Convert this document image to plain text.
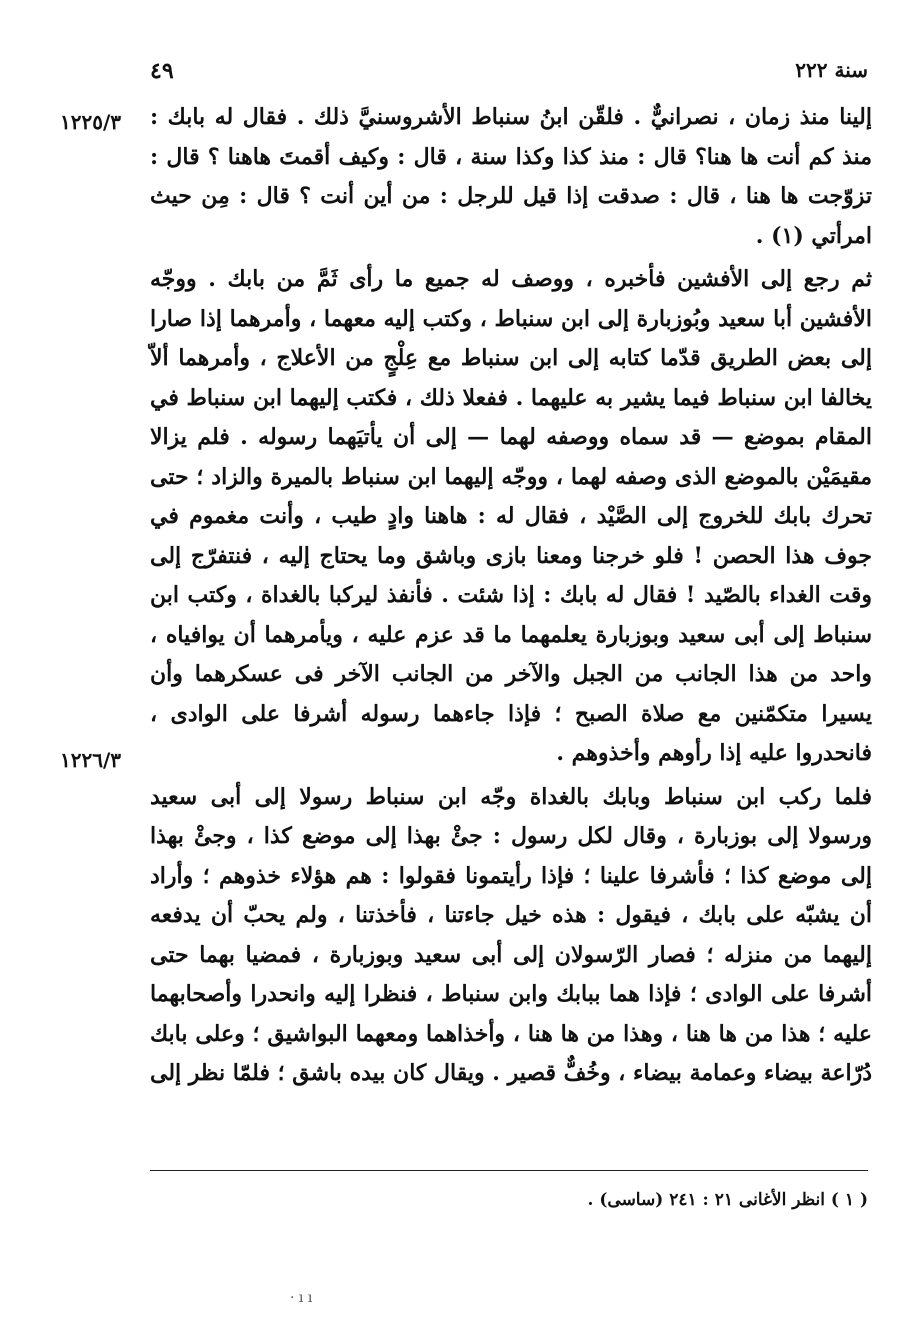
سنة ٢٢٢
٤٩
١٢٢٥/٣
١٢٢٦/٣

إلينا منذ زمان ، نصرانيٌّ . فلقّن ابنُ سنباط الأشروسنيَّ ذلك . فقال له بابك : منذ كم أنت ها هنا؟ قال : منذ كذا وكذا سنة ، قال : وكيف أقمتَ هاهنا ؟ قال : تزوّجت ها هنا ، قال : صدقت إذا قيل للرجل : من أين أنت ؟ قال : مِن حيث امرأتي (١) .

ثم رجع إلى الأفشين فأخبره ، ووصف له جميع ما رأى ثَمَّ من بابك . ووجّه الأفشين أبا سعيد وبُوزبارة إلى ابن سنباط ، وكتب إليه معهما ، وأمرهما إذا صارا إلى بعض الطريق قدّما كتابه إلى ابن سنباط مع عِلْجٍ من الأعلاج ، وأمرهما ألاّ يخالفا ابن سنباط فيما يشير به عليهما . ففعلا ذلك ، فكتب إليهما ابن سنباط في المقام بموضع — قد سماه ووصفه لهما — إلى أن يأتيَهما رسوله . فلم يزالا مقيمَيْن بالموضع الذى وصفه لهما ، ووجّه إليهما ابن سنباط بالميرة والزاد ؛ حتى تحرك بابك للخروج إلى الصَّيْد ، فقال له : هاهنا وادٍ طيب ، وأنت مغموم في جوف هذا الحصن ! فلو خرجنا ومعنا بازى وباشق وما يحتاج إليه ، فنتفرّج إلى وقت الغداء بالصّيد ! فقال له بابك : إذا شئت . فأنفذ ليركبا بالغداة ، وكتب ابن سنباط إلى أبى سعيد وبوزبارة يعلمهما ما قد عزم عليه ، ويأمرهما أن يوافياه ، واحد من هذا الجانب من الجبل والآخر من الجانب الآخر فى عسكرهما وأن يسيرا متكمّنين مع صلاة الصبح ؛ فإذا جاءهما رسوله أشرفا على الوادى ، فانحدروا عليه إذا رأوهم وأخذوهم .

فلما ركب ابن سنباط وبابك بالغداة وجّه ابن سنباط رسولا إلى أبى سعيد ورسولا إلى بوزبارة ، وقال لكل رسول : جئْ بهذا إلى موضع كذا ، وجئْ بهذا إلى موضع كذا ؛ فأشرفا علينا ؛ فإذا رأيتمونا فقولوا : هم هؤلاء خذوهم ؛ وأراد أن يشبّه على بابك ، فيقول : هذه خيل جاءتنا ، فأخذتنا ، ولم يحبّ أن يدفعه إليهما من منزله ؛ فصار الرّسولان إلى أبى سعيد وبوزبارة ، فمضيا بهما حتى أشرفا على الوادى ؛ فإذا هما ببابك وابن سنباط ، فنظرا إليه وانحدرا وأصحابهما عليه ؛ هذا من ها هنا ، وهذا من ها هنا ، وأخذاهما ومعهما البواشيق ؛ وعلى بابك دُرّاعة بيضاء وعمامة بيضاء ، وخُفٌّ قصير . ويقال كان بيده باشق ؛ فلمّا نظر إلى

( ١ ) انظر الأغانى ٢١ : ٢٤١ (ساسى) .
· ı ı
